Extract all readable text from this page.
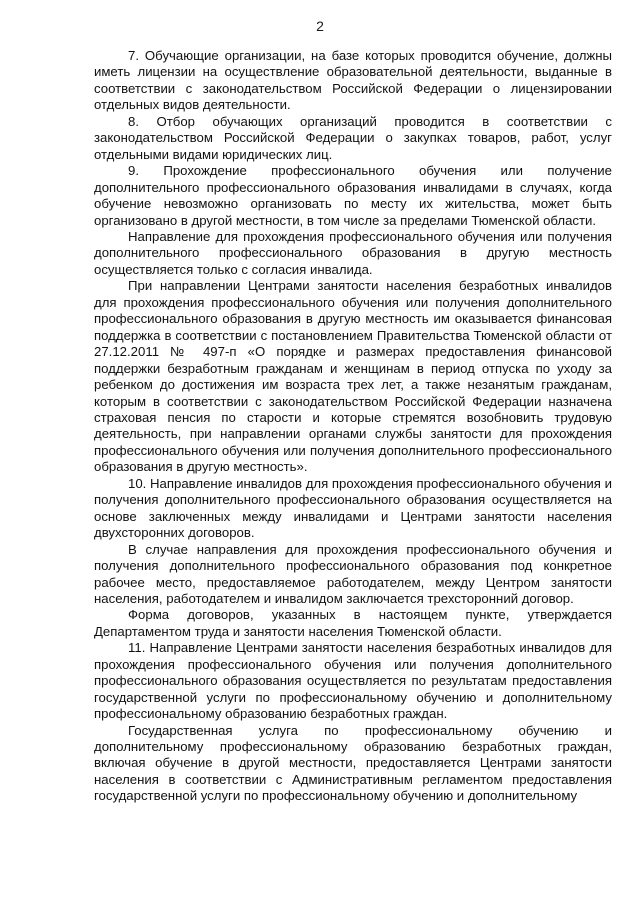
2

7. Обучающие организации, на базе которых проводится обучение, должны иметь лицензии на осуществление образовательной деятельности, выданные в соответствии с законодательством Российской Федерации о лицензировании отдельных видов деятельности.

8. Отбор обучающих организаций проводится в соответствии с законодательством Российской Федерации о закупках товаров, работ, услуг отдельными видами юридических лиц.

9. Прохождение профессионального обучения или получение дополнительного профессионального образования инвалидами в случаях, когда обучение невозможно организовать по месту их жительства, может быть организовано в другой местности, в том числе за пределами Тюменской области.

Направление для прохождения профессионального обучения или получения дополнительного профессионального образования в другую местность осуществляется только с согласия инвалида.

При направлении Центрами занятости населения безработных инвалидов для прохождения профессионального обучения или получения дополнительного профессионального образования в другую местность им оказывается финансовая поддержка в соответствии с постановлением Правительства Тюменской области от 27.12.2011 № 497-п «О порядке и размерах предоставления финансовой поддержки безработным гражданам и женщинам в период отпуска по уходу за ребенком до достижения им возраста трех лет, а также незанятым гражданам, которым в соответствии с законодательством Российской Федерации назначена страховая пенсия по старости и которые стремятся возобновить трудовую деятельность, при направлении органами службы занятости для прохождения профессионального обучения или получения дополнительного профессионального образования в другую местность».

10. Направление инвалидов для прохождения профессионального обучения и получения дополнительного профессионального образования осуществляется на основе заключенных между инвалидами и Центрами занятости населения двухсторонних договоров.

В случае направления для прохождения профессионального обучения и получения дополнительного профессионального образования под конкретное рабочее место, предоставляемое работодателем, между Центром занятости населения, работодателем и инвалидом заключается трехсторонний договор.

Форма договоров, указанных в настоящем пункте, утверждается Департаментом труда и занятости населения Тюменской области.

11. Направление Центрами занятости населения безработных инвалидов для прохождения профессионального обучения или получения дополнительного профессионального образования осуществляется по результатам предоставления государственной услуги по профессиональному обучению и дополнительному профессиональному образованию безработных граждан.

Государственная услуга по профессиональному обучению и дополнительному профессиональному образованию безработных граждан, включая обучение в другой местности, предоставляется Центрами занятости населения в соответствии с Административным регламентом предоставления государственной услуги по профессиональному обучению и дополнительному
